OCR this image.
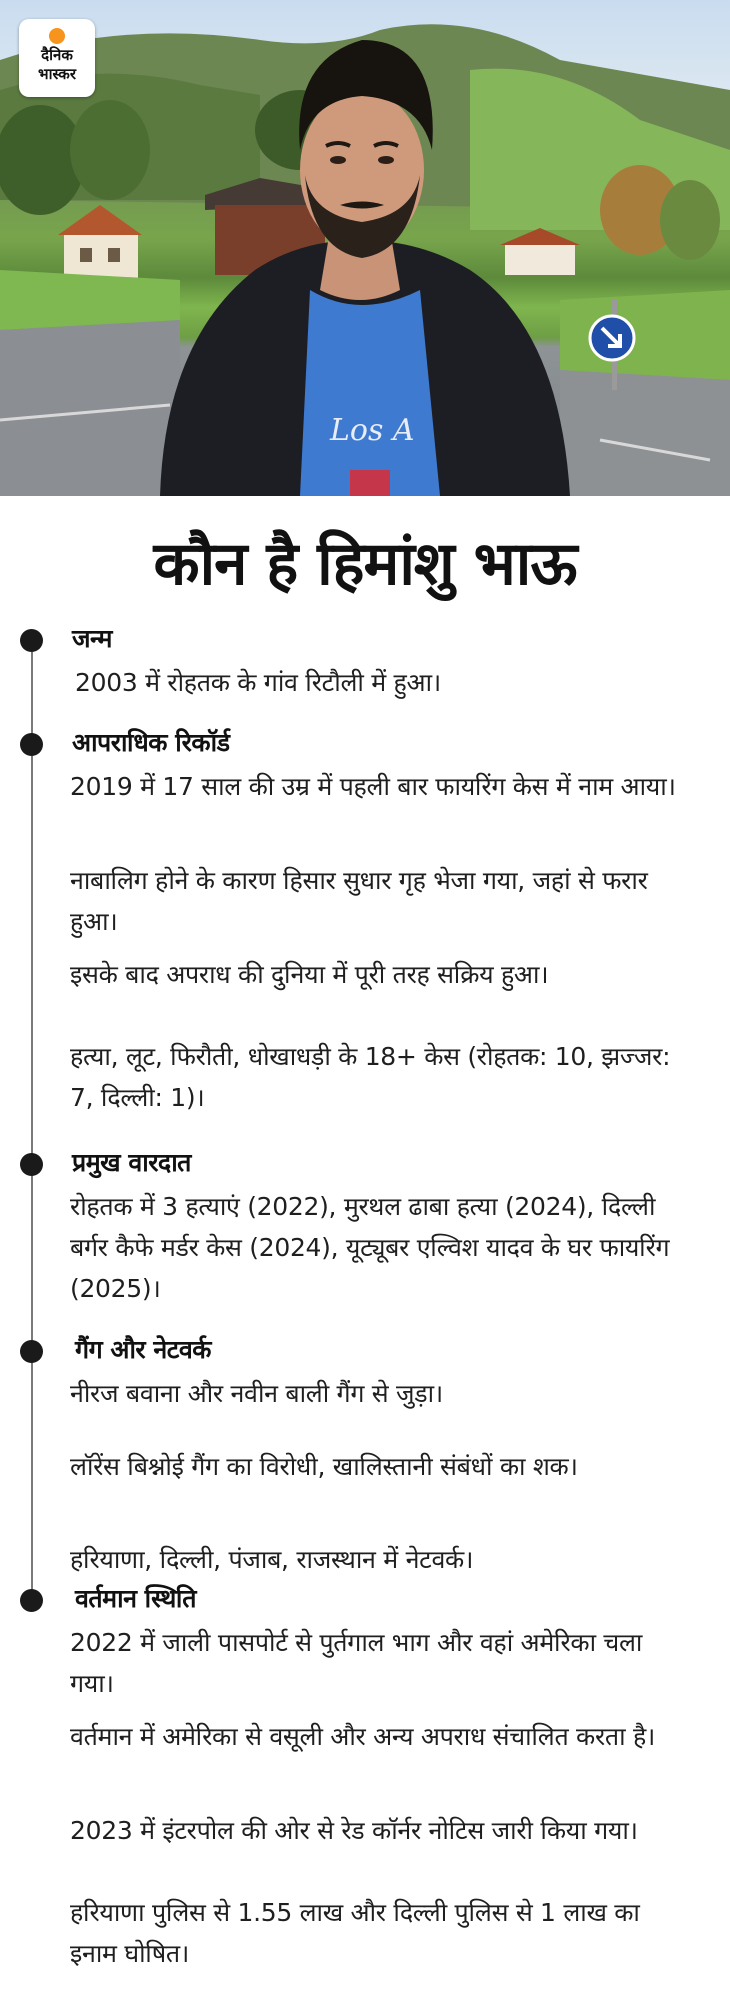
Los A
दैनिक
भास्कर
कौन है हिमांशु भाऊ
जन्म
2003 में रोहतक के गांव रिटौली में हुआ।
आपराधिक रिकॉर्ड
2019 में 17 साल की उम्र में पहली बार फायरिंग केस में नाम आया।
नाबालिग होने के कारण हिसार सुधार गृह भेजा गया, जहां से फरार हुआ।
इसके बाद अपराध की दुनिया में पूरी तरह सक्रिय हुआ।
हत्या, लूट, फिरौती, धोखाधड़ी के 18+ केस (रोहतक: 10, झज्जर: 7, दिल्ली: 1)।
प्रमुख वारदात
रोहतक में 3 हत्याएं (2022), मुरथल ढाबा हत्या (2024), दिल्ली बर्गर कैफे मर्डर केस (2024), यूट्यूबर एल्विश यादव के घर फायरिंग (2025)।
गैंग और नेटवर्क
नीरज बवाना और नवीन बाली गैंग से जुड़ा।
लॉरेंस बिश्नोई गैंग का विरोधी, खालिस्तानी संबंधों का शक।
हरियाणा, दिल्ली, पंजाब, राजस्थान में नेटवर्क।
वर्तमान स्थिति
2022 में जाली पासपोर्ट से पुर्तगाल भाग और वहां अमेरिका चला गया।
वर्तमान में अमेरिका से वसूली और अन्य अपराध संचालित करता है।
2023 में इंटरपोल की ओर से रेड कॉर्नर नोटिस जारी किया गया।
हरियाणा पुलिस से 1.55 लाख और दिल्ली पुलिस से 1 लाख का इनाम घोषित।
